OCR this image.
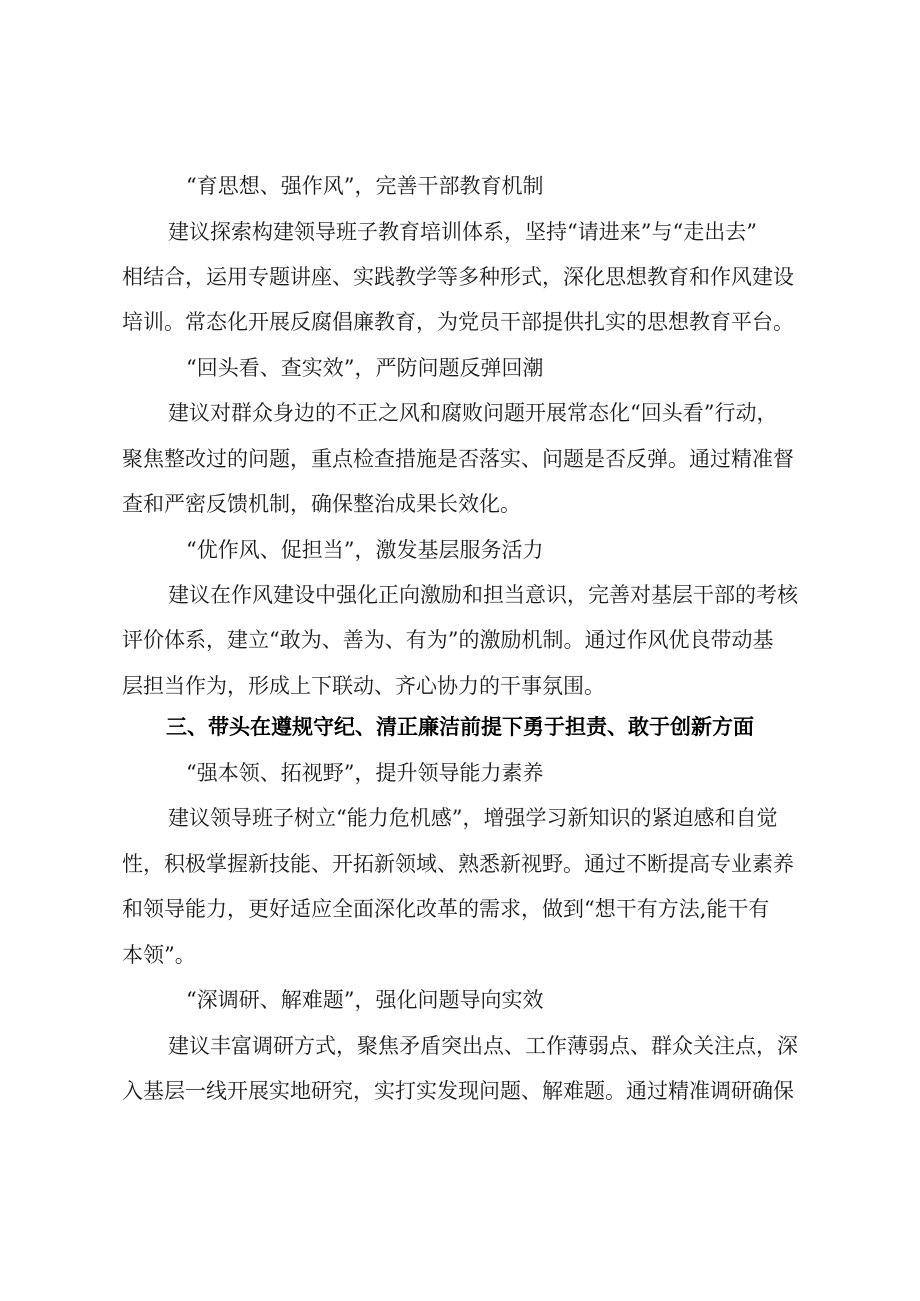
“育思想、强作风”，完善干部教育机制
建议探索构建领导班子教育培训体系，坚持“请进来”与“走出去”
相结合，运用专题讲座、实践教学等多种形式，深化思想教育和作风建设
培训。常态化开展反腐倡廉教育，为党员干部提供扎实的思想教育平台。
“回头看、查实效”，严防问题反弹回潮
建议对群众身边的不正之风和腐败问题开展常态化“回头看”行动，
聚焦整改过的问题，重点检查措施是否落实、问题是否反弹。通过精准督
查和严密反馈机制，确保整治成果长效化。
“优作风、促担当”，激发基层服务活力
建议在作风建设中强化正向激励和担当意识，完善对基层干部的考核
评价体系，建立“敢为、善为、有为”的激励机制。通过作风优良带动基
层担当作为，形成上下联动、齐心协力的干事氛围。
三、带头在遵规守纪、清正廉洁前提下勇于担责、敢于创新方面
“强本领、拓视野”，提升领导能力素养
建议领导班子树立“能力危机感”，增强学习新知识的紧迫感和自觉
性，积极掌握新技能、开拓新领域、熟悉新视野。通过不断提高专业素养
和领导能力，更好适应全面深化改革的需求，做到“想干有方法,能干有
本领”。
“深调研、解难题”，强化问题导向实效
建议丰富调研方式，聚焦矛盾突出点、工作薄弱点、群众关注点，深
入基层一线开展实地研究，实打实发现问题、解难题。通过精准调研确保
